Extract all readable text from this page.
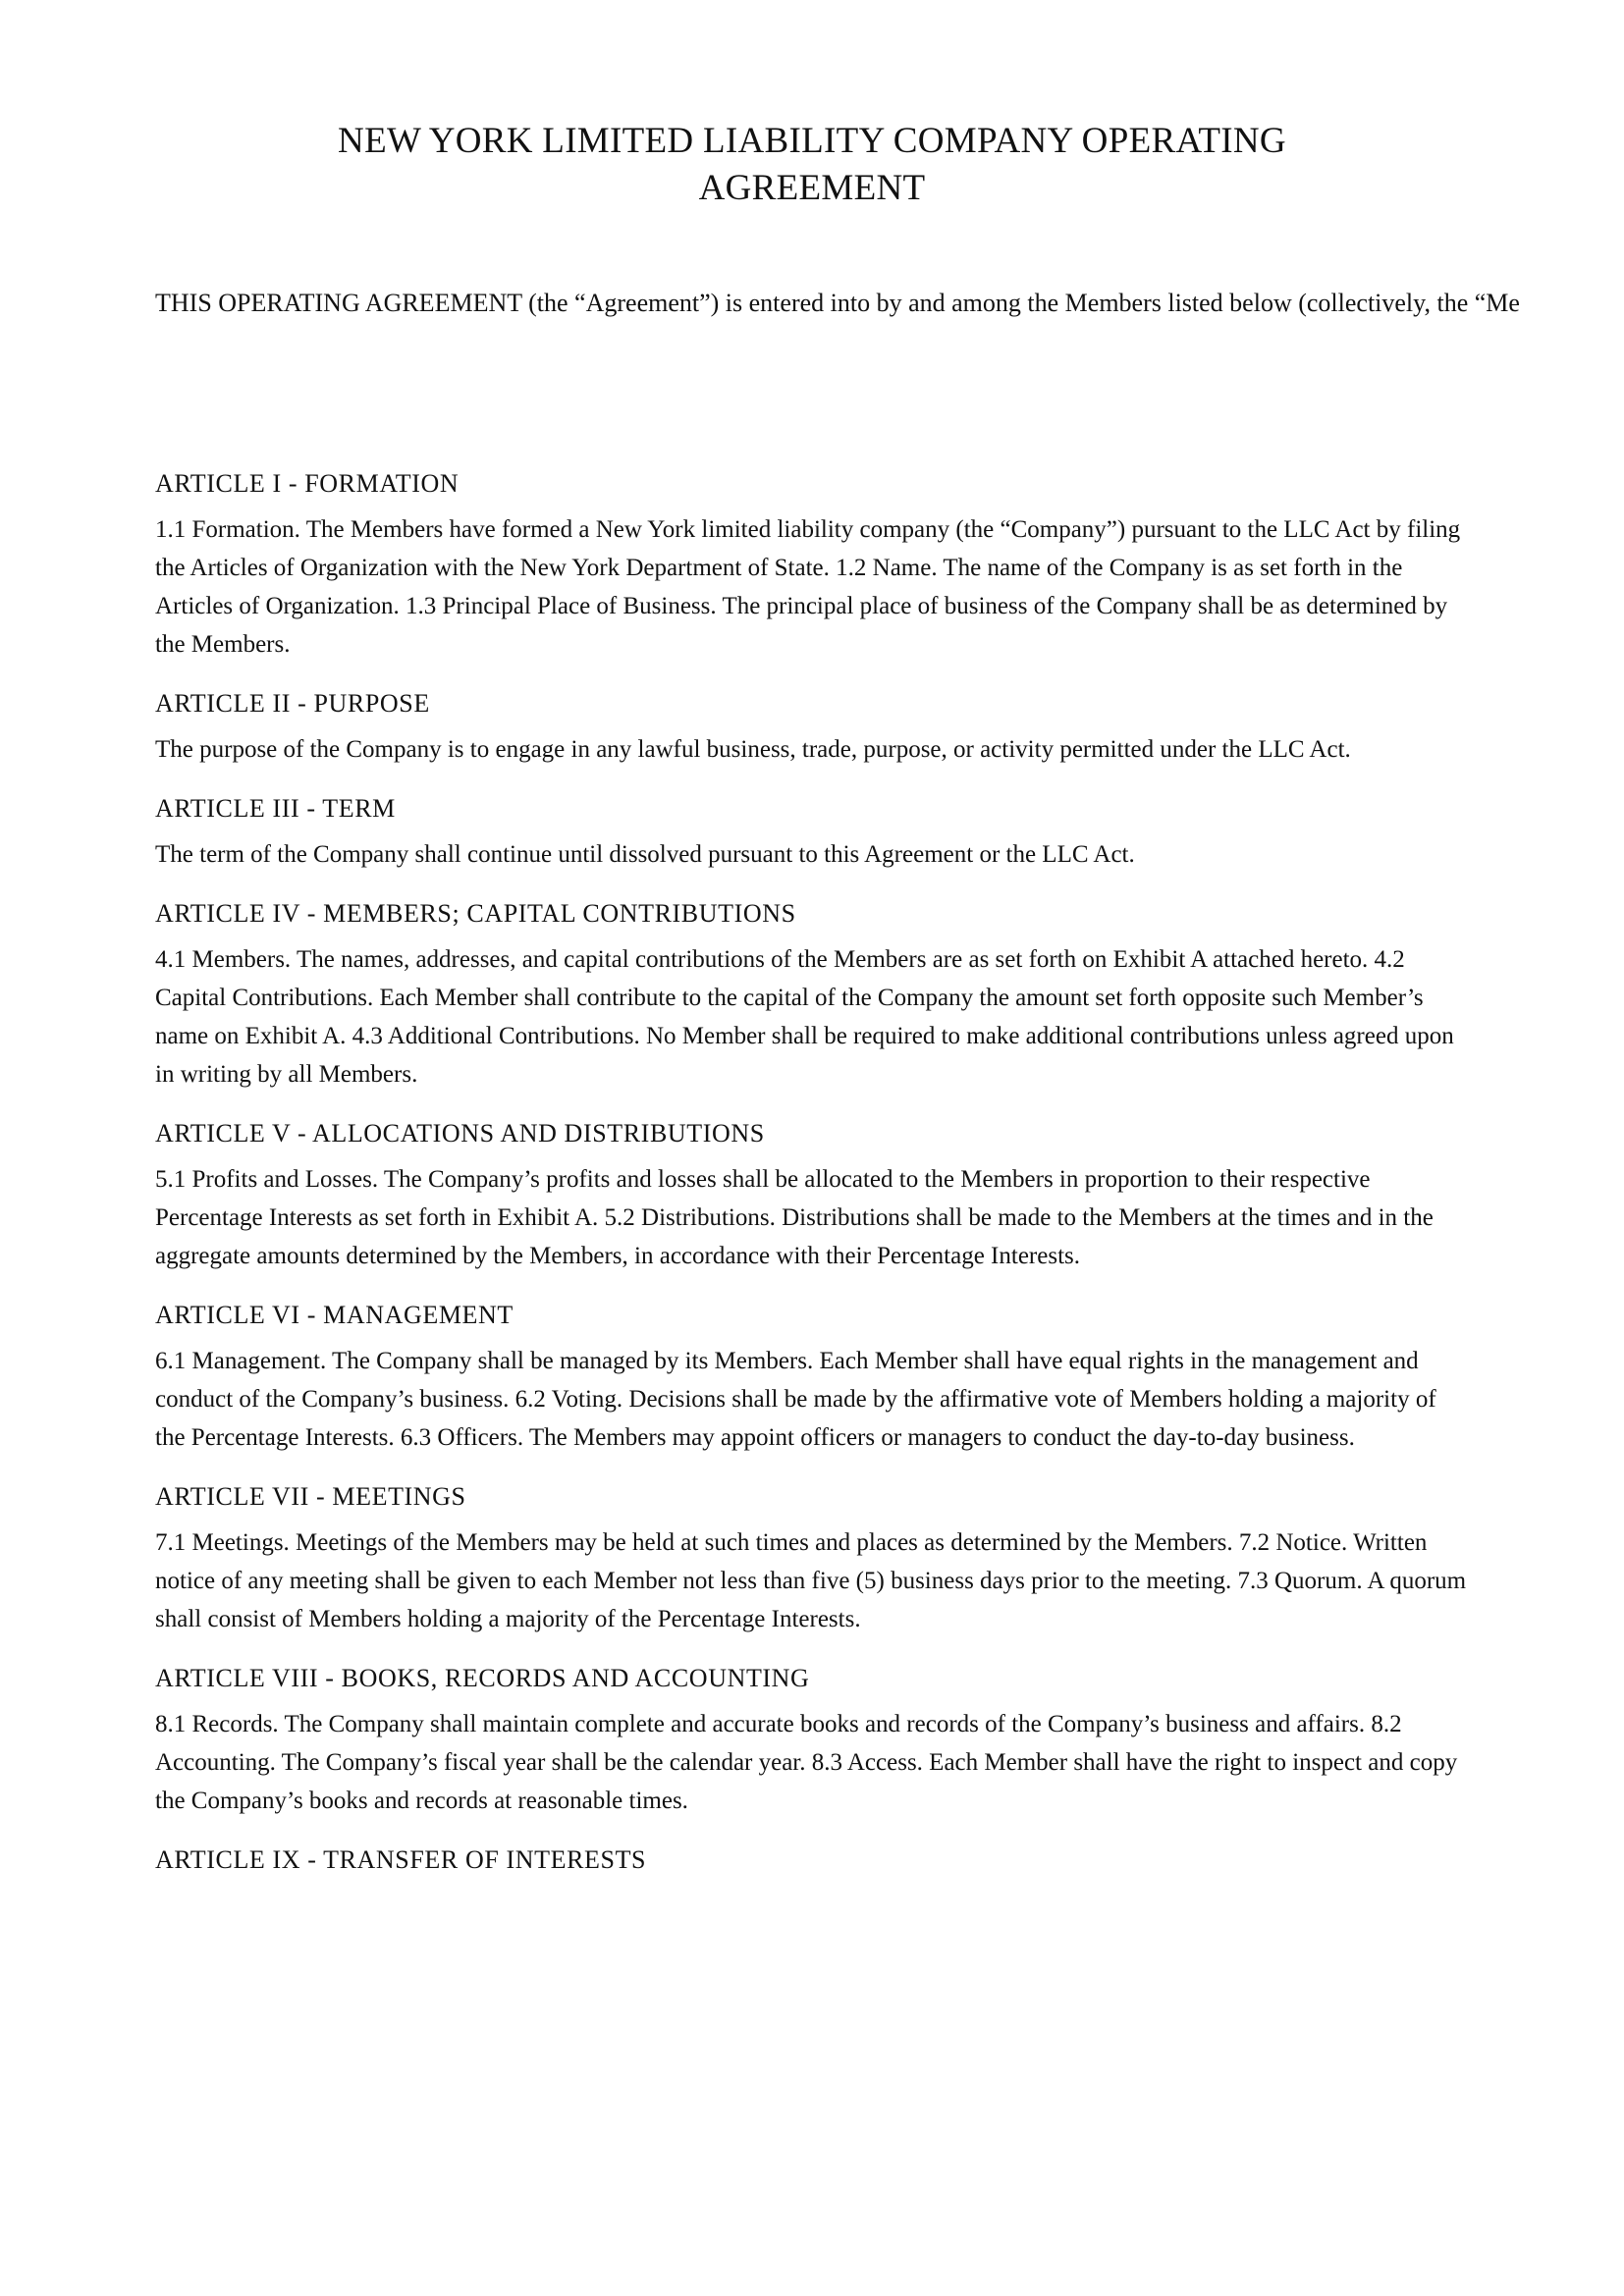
NEW YORK LIMITED LIABILITY COMPANY OPERATING AGREEMENT

THIS OPERATING AGREEMENT (the “Agreement”) is entered into by and among the Members listed below (collectively, the “Me

ARTICLE I - FORMATION

1.1 Formation. The Members have formed a New York limited liability company (the “Company”) pursuant to the LLC Act by filing the Articles of Organization with the New York Department of State. 1.2 Name. The name of the Company is as set forth in the Articles of Organization. 1.3 Principal Place of Business. The principal place of business of the Company shall be as determined by the Members.

ARTICLE II - PURPOSE

The purpose of the Company is to engage in any lawful business, trade, purpose, or activity permitted under the LLC Act.

ARTICLE III - TERM

The term of the Company shall continue until dissolved pursuant to this Agreement or the LLC Act.

ARTICLE IV - MEMBERS; CAPITAL CONTRIBUTIONS

4.1 Members. The names, addresses, and capital contributions of the Members are as set forth on Exhibit A attached hereto. 4.2 Capital Contributions. Each Member shall contribute to the capital of the Company the amount set forth opposite such Member’s name on Exhibit A. 4.3 Additional Contributions. No Member shall be required to make additional contributions unless agreed upon in writing by all Members.

ARTICLE V - ALLOCATIONS AND DISTRIBUTIONS

5.1 Profits and Losses. The Company’s profits and losses shall be allocated to the Members in proportion to their respective Percentage Interests as set forth in Exhibit A. 5.2 Distributions. Distributions shall be made to the Members at the times and in the aggregate amounts determined by the Members, in accordance with their Percentage Interests.

ARTICLE VI - MANAGEMENT

6.1 Management. The Company shall be managed by its Members. Each Member shall have equal rights in the management and conduct of the Company’s business. 6.2 Voting. Decisions shall be made by the affirmative vote of Members holding a majority of the Percentage Interests. 6.3 Officers. The Members may appoint officers or managers to conduct the day-to-day business.

ARTICLE VII - MEETINGS

7.1 Meetings. Meetings of the Members may be held at such times and places as determined by the Members. 7.2 Notice. Written notice of any meeting shall be given to each Member not less than five (5) business days prior to the meeting. 7.3 Quorum. A quorum shall consist of Members holding a majority of the Percentage Interests.

ARTICLE VIII - BOOKS, RECORDS AND ACCOUNTING

8.1 Records. The Company shall maintain complete and accurate books and records of the Company’s business and affairs. 8.2 Accounting. The Company’s fiscal year shall be the calendar year. 8.3 Access. Each Member shall have the right to inspect and copy the Company’s books and records at reasonable times.

ARTICLE IX - TRANSFER OF INTERESTS
